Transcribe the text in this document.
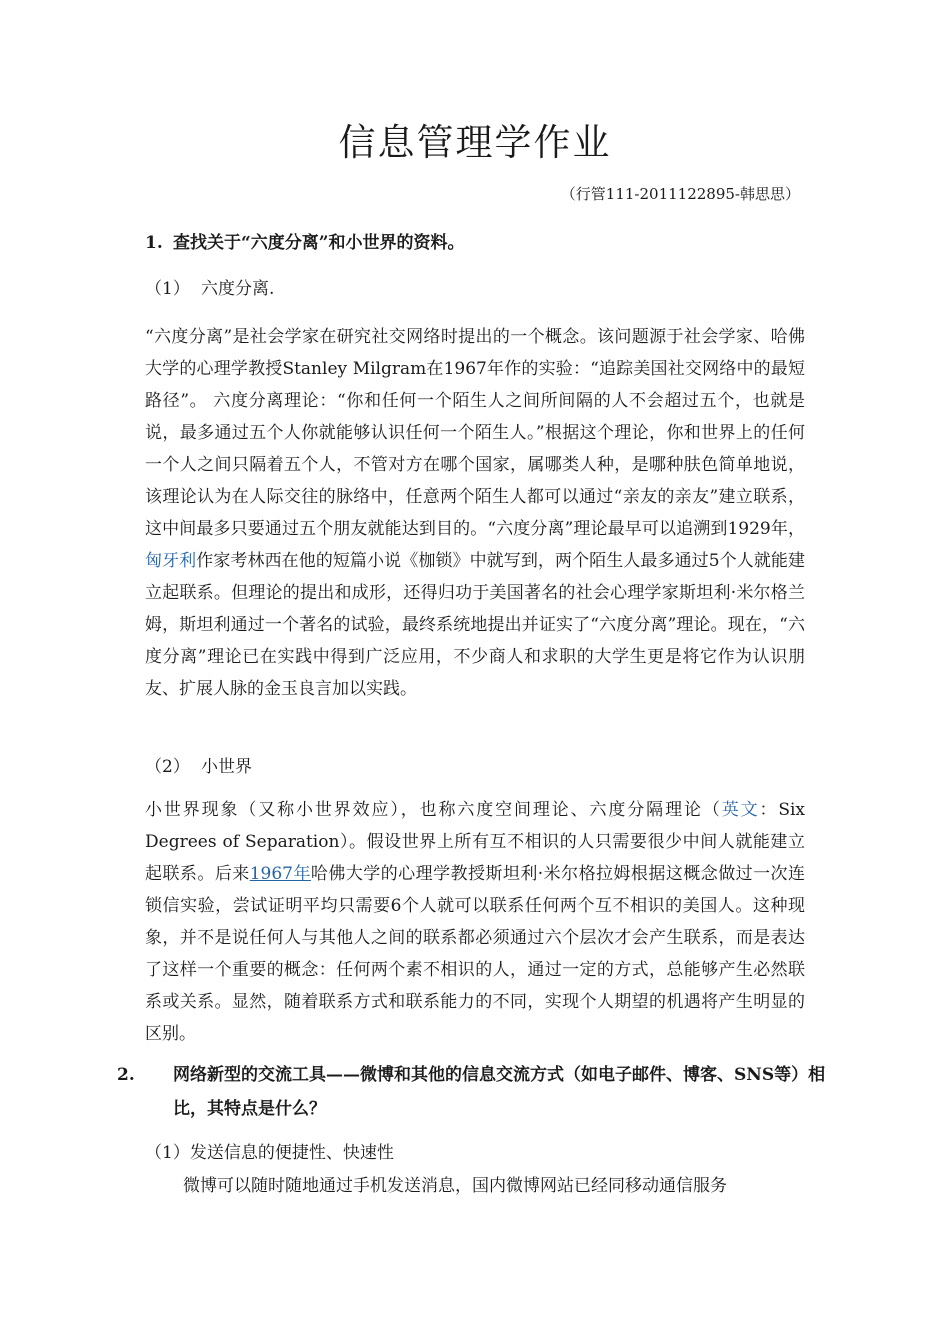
信息管理学作业

（行管111-2011122895-韩思思）

1. 查找关于“六度分离”和小世界的资料。

（1） 六度分离.

“六度分离”是社会学家在研究社交网络时提出的一个概念。该问题源于社会学家、哈佛大学的心理学教授Stanley Milgram在1967年作的实验：“追踪美国社交网络中的最短路径”。 六度分离理论：“你和任何一个陌生人之间所间隔的人不会超过五个，也就是说，最多通过五个人你就能够认识任何一个陌生人。”根据这个理论，你和世界上的任何一个人之间只隔着五个人，不管对方在哪个国家，属哪类人种，是哪种肤色简单地说，该理论认为在人际交往的脉络中，任意两个陌生人都可以通过“亲友的亲友”建立联系，这中间最多只要通过五个朋友就能达到目的。“六度分离”理论最早可以追溯到1929年，匈牙利作家考林西在他的短篇小说《枷锁》中就写到，两个陌生人最多通过5个人就能建立起联系。但理论的提出和成形，还得归功于美国著名的社会心理学家斯坦利·米尔格兰姆，斯坦利通过一个著名的试验，最终系统地提出并证实了“六度分离”理论。现在，“六度分离”理论已在实践中得到广泛应用，不少商人和求职的大学生更是将它作为认识朋友、扩展人脉的金玉良言加以实践。

（2） 小世界

小世界现象（又称小世界效应），也称六度空间理论、六度分隔理论（英文：Six Degrees of Separation）。假设世界上所有互不相识的人只需要很少中间人就能建立起联系。后来1967年哈佛大学的心理学教授斯坦利·米尔格拉姆根据这概念做过一次连锁信实验，尝试证明平均只需要6个人就可以联系任何两个互不相识的美国人。这种现象，并不是说任何人与其他人之间的联系都必须通过六个层次才会产生联系，而是表达了这样一个重要的概念：任何两个素不相识的人，通过一定的方式，总能够产生必然联系或关系。显然，随着联系方式和联系能力的不同，实现个人期望的机遇将产生明显的区别。

2. 网络新型的交流工具——微博和其他的信息交流方式（如电子邮件、博客、SNS等）相比，其特点是什么？

（1）发送信息的便捷性、快速性

微博可以随时随地通过手机发送消息，国内微博网站已经同移动通信服务
